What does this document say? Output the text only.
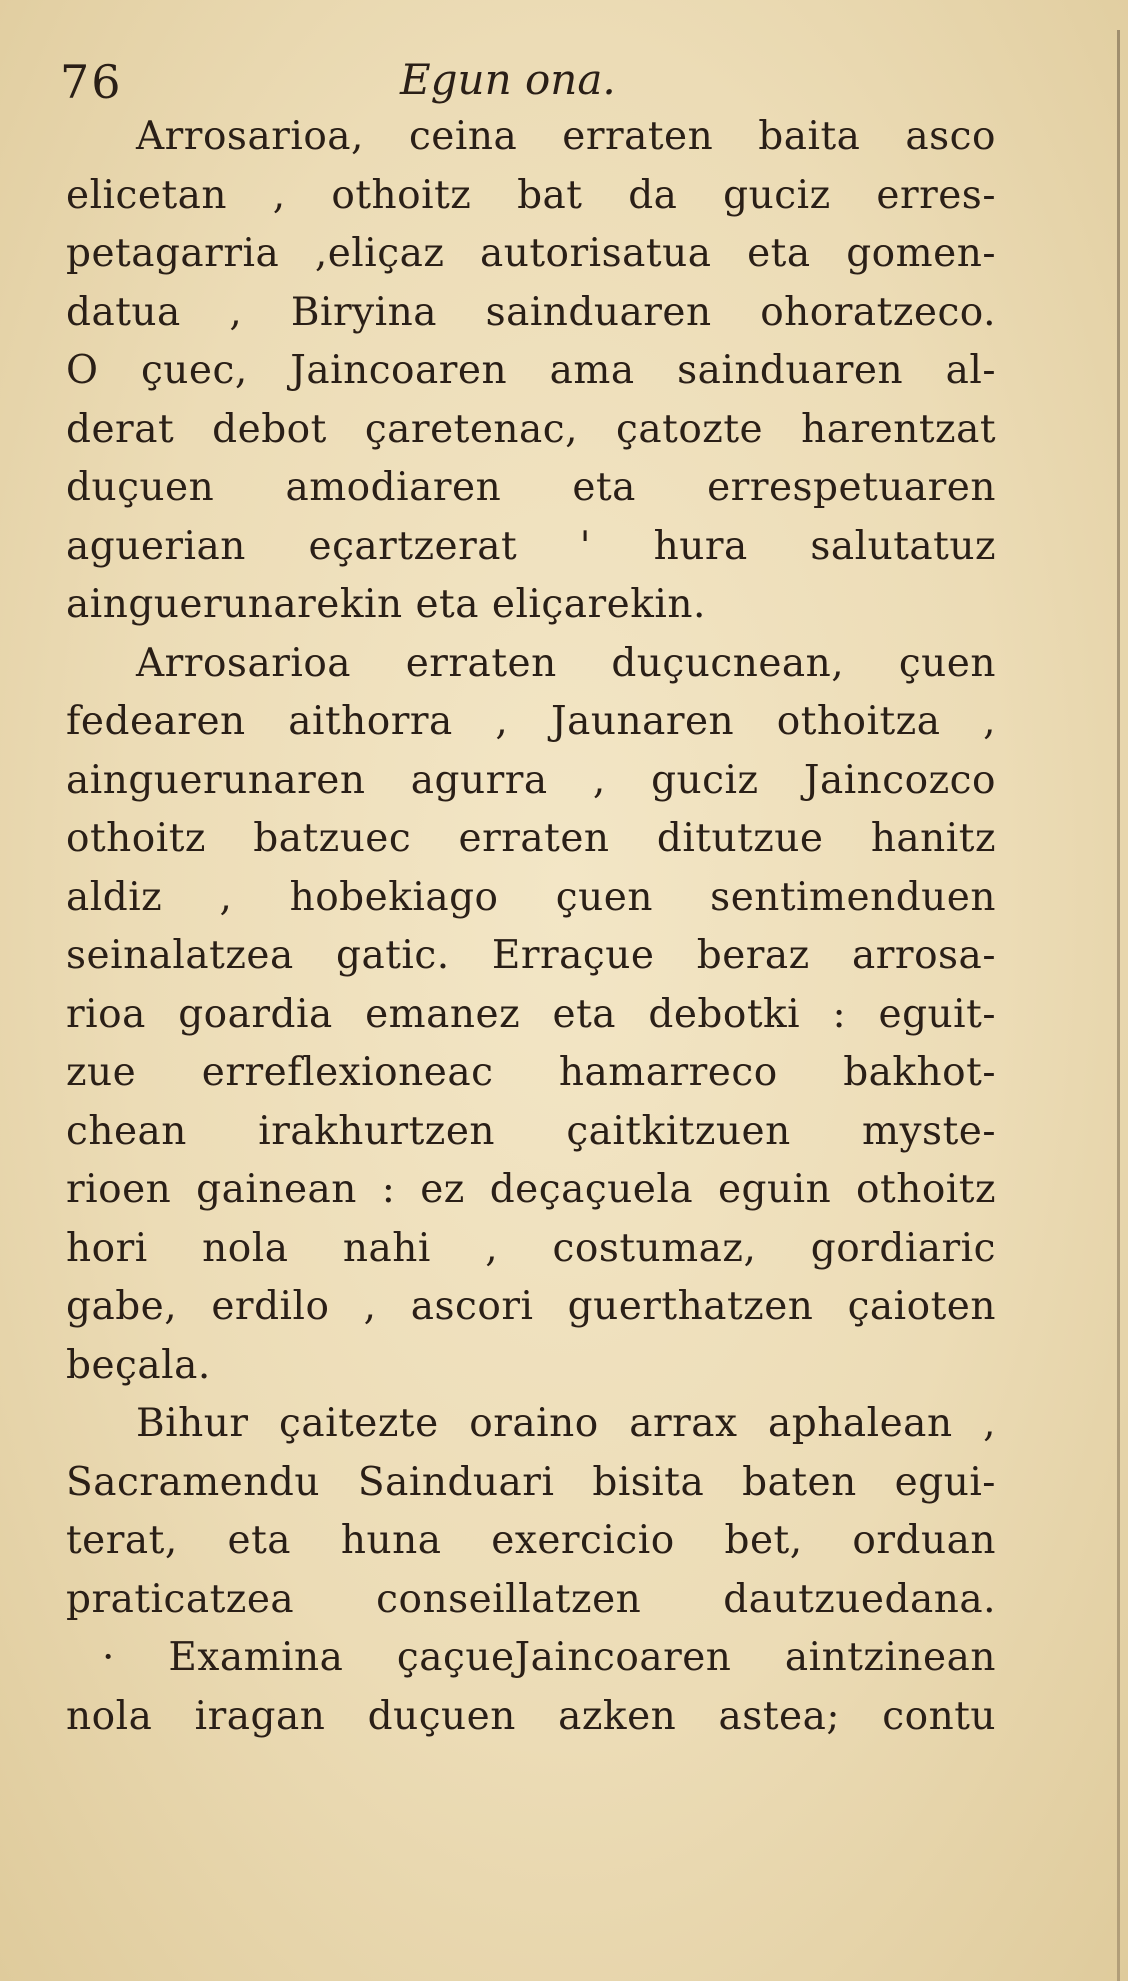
76	Egun ona.
Arrosarioa, ceina erraten baita asco
elicetan , othoitz bat da guciz erres-
petagarria ,eliçaz autorisatua eta gomen-
datua , Biryina sainduaren ohoratzeco.
O çuec, Jaincoaren ama sainduaren al-
derat debot çaretenac, çatozte harentzat
duçuen amodiaren eta errespetuaren
aguerian eçartzerat ' hura salutatuz
ainguerunarekin eta eliçarekin.
Arrosarioa erraten duçucnean, çuen
fedearen aithorra , Jaunaren othoitza ,
ainguerunaren agurra , guciz Jaincozco
othoitz batzuec erraten ditutzue hanitz
aldiz , hobekiago çuen sentimenduen
seinalatzea gatic. Erraçue beraz arrosa-
rioa goardia emanez eta debotki : eguit-
zue erreflexioneac hamarreco bakhot-
chean irakhurtzen çaitkitzuen myste-
rioen gainean : ez deçaçuela eguin othoitz
hori nola nahi , costumaz, gordiaric
gabe, erdilo , ascori guerthatzen çaioten
beçala.
Bihur çaitezte oraino arrax aphalean ,
Sacramendu Sainduari bisita baten egui-
terat, eta huna exercicio bet, orduan
praticatzea conseillatzen dautzuedana.
· Examina çaçueJaincoaren aintzinean
nola iragan duçuen azken astea; contu
